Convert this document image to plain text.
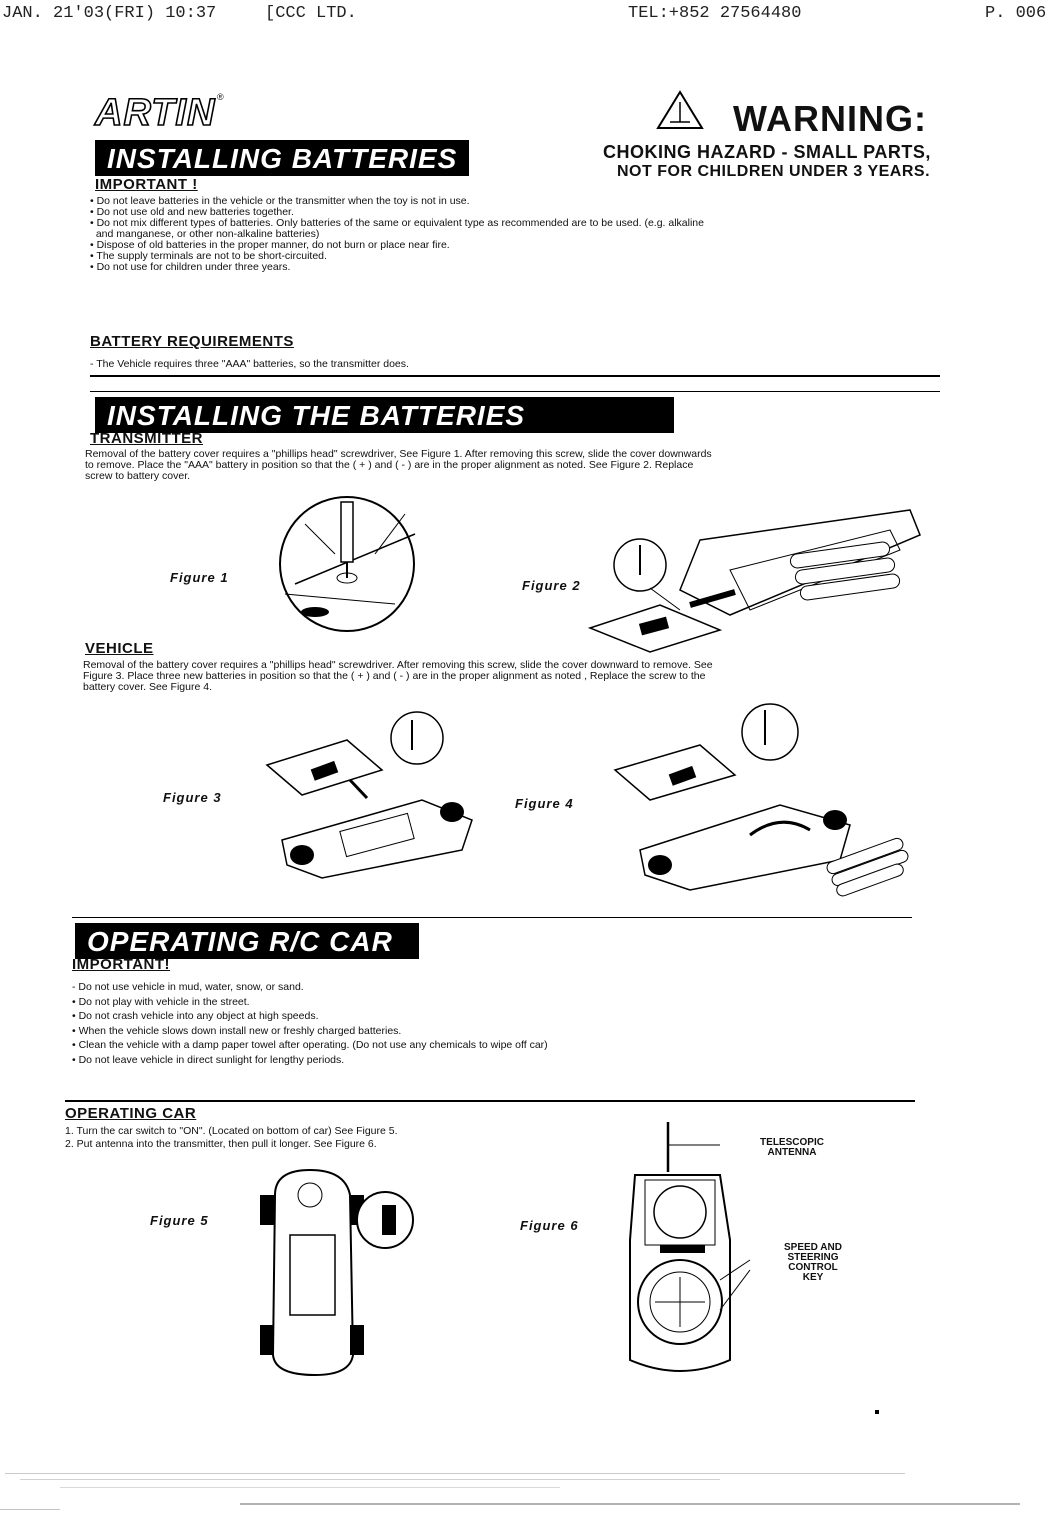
JAN. 21'03(FRI) 10:37	[CCC LTD.	TEL:+852 27564480	P. 006
ARTIN ®
WARNING:
CHOKING HAZARD - SMALL PARTS,
NOT FOR CHILDREN UNDER 3 YEARS.
INSTALLING BATTERIES
IMPORTANT !
• Do not leave batteries in the vehicle or the transmitter when the toy is not in use.
• Do not use old and new batteries together.
• Do not mix different types of batteries. Only batteries of the same or equivalent type as recommended are to be used. (e.g. alkaline
and manganese, or other non-alkaline batteries)
• Dispose of old batteries in the proper manner, do not burn or place near fire.
• The supply terminals are not to be short-circuited.
• Do not use for children under three years.
BATTERY REQUIREMENTS
- The Vehicle requires three "AAA" batteries, so the transmitter does.
INSTALLING THE BATTERIES
TRANSMITTER
Removal of the battery cover requires a "phillips head" screwdriver, See Figure 1. After removing this screw, slide the cover downwards
to remove. Place the "AAA" battery in position so that the ( + ) and ( - ) are in the proper alignment as noted. See Figure 2. Replace
screw to battery cover.
Figure 1
Figure 2
VEHICLE
Removal of the battery cover requires a "phillips head" screwdriver. After removing this screw, slide the cover downward to remove. See
Figure 3. Place three new batteries in position so that the ( + ) and ( - ) are in the proper alignment as noted , Replace the screw to the
battery cover. See Figure 4.
Figure 3	Figure 4
OPERATING R/C CAR
IMPORTANT!
- Do not use vehicle in mud, water, snow, or sand.
• Do not play with vehicle in the street.
• Do not crash vehicle into any object at high speeds.
• When the vehicle slows down install new or freshly charged batteries.
• Clean the vehicle with a damp paper towel after operating. (Do not use any chemicals to wipe off car)
• Do not leave vehicle in direct sunlight for lengthy periods.
OPERATING CAR
1. Turn the car switch to "ON". (Located on bottom of car) See Figure 5.
2. Put antenna into the transmitter, then pull it longer. See Figure 6.
Figure 5	Figure 6
TELESCOPIC
ANTENNA
SPEED AND
STEERING
CONTROL
KEY
